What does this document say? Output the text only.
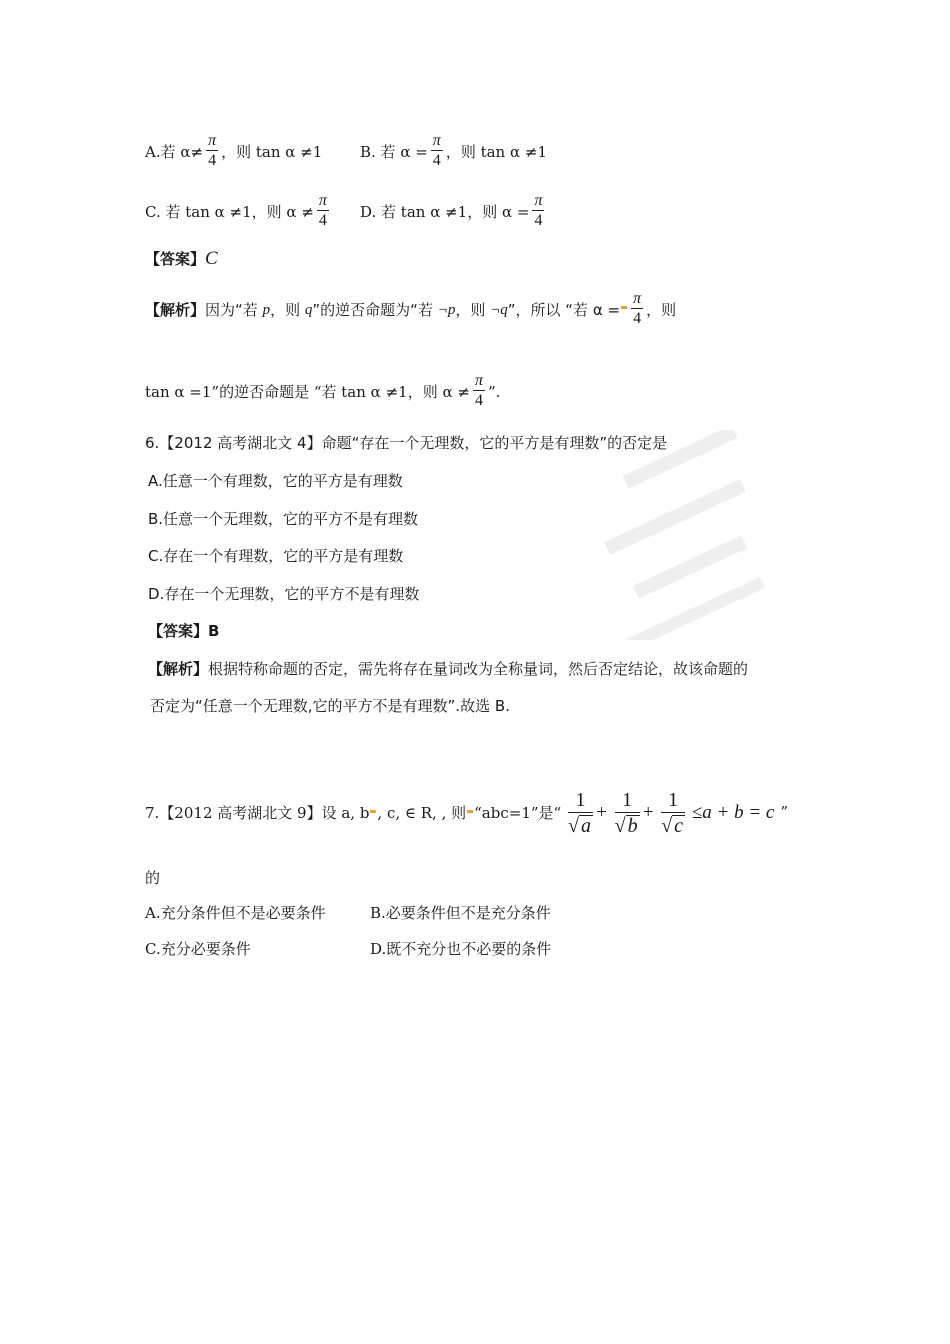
A.若 $\alpha\ne \frac{\pi}{4}$ ，则 tan α ≠1	B. 若 $\alpha = \frac{\pi}{4}$ ，则 tan α ≠1
C. 若 tan α ≠1，则 $\alpha \ne \frac{\pi}{4} D$. 若 tan α ≠1，则 $\alpha = \frac{\pi}{4}$
【答案】C
【解析】因为“若 p，则 q”的逆否命题为“若 ¬p，则 ¬q”，所以 “若 $\alpha = \frac{\pi}{4}$ ，则
tan α =1”的逆否命题是 “若 tan α ≠1，则 $\alpha \ne \frac{\pi}{4}$ ”.
6.【2012 高考湖北文 4】命题“存在一个无理数，它的平方是有理数”的否定是
A.任意一个有理数，它的平方是有理数
B.任意一个无理数，它的平方不是有理数
C.存在一个有理数，它的平方是有理数
D.存在一个无理数，它的平方不是有理数
【答案】B
【解析】根据特称命题的否定，需先将存在量词改为全称量词，然后否定结论，故该命题的
否定为“任意一个无理数,它的平方不是有理数”.故选 B.
7.【2012 高考湖北文 9】设 a, b , c, ∈ R, , 则 “abc=1”是“ $\frac{1}{√ a} + \frac{1}{√ b} + \frac{1}{√ c} \le a + b = c$ ”
的
A.充分条件但不是必要条件	B.必要条件但不是充分条件
C.充分必要条件	D.既不充分也不必要的条件
